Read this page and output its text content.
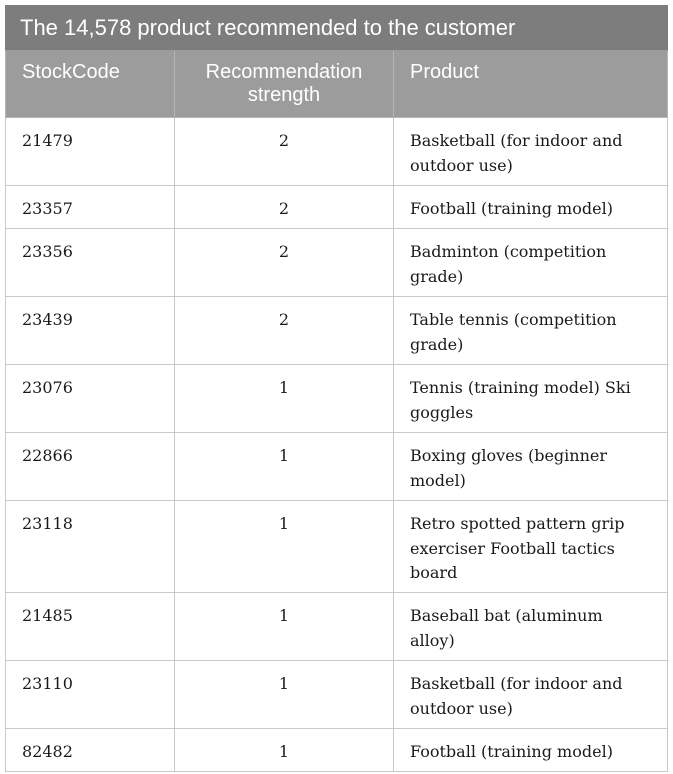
The 14,578 product recommended to the customer		
StockCode	Recommendation strength	Product
21479	2	Basketball (for indoor and outdoor use)
23357	2	Football (training model)
23356	2	Badminton (competition grade)
23439	2	Table tennis (competition grade)
23076	1	Tennis (training model) Ski goggles
22866	1	Boxing gloves (beginner model)
23118	1	Retro spotted pattern grip exerciser Football tactics board
21485	1	Baseball bat (aluminum alloy)
23110	1	Basketball (for indoor and outdoor use)
82482	1	Football (training model)
